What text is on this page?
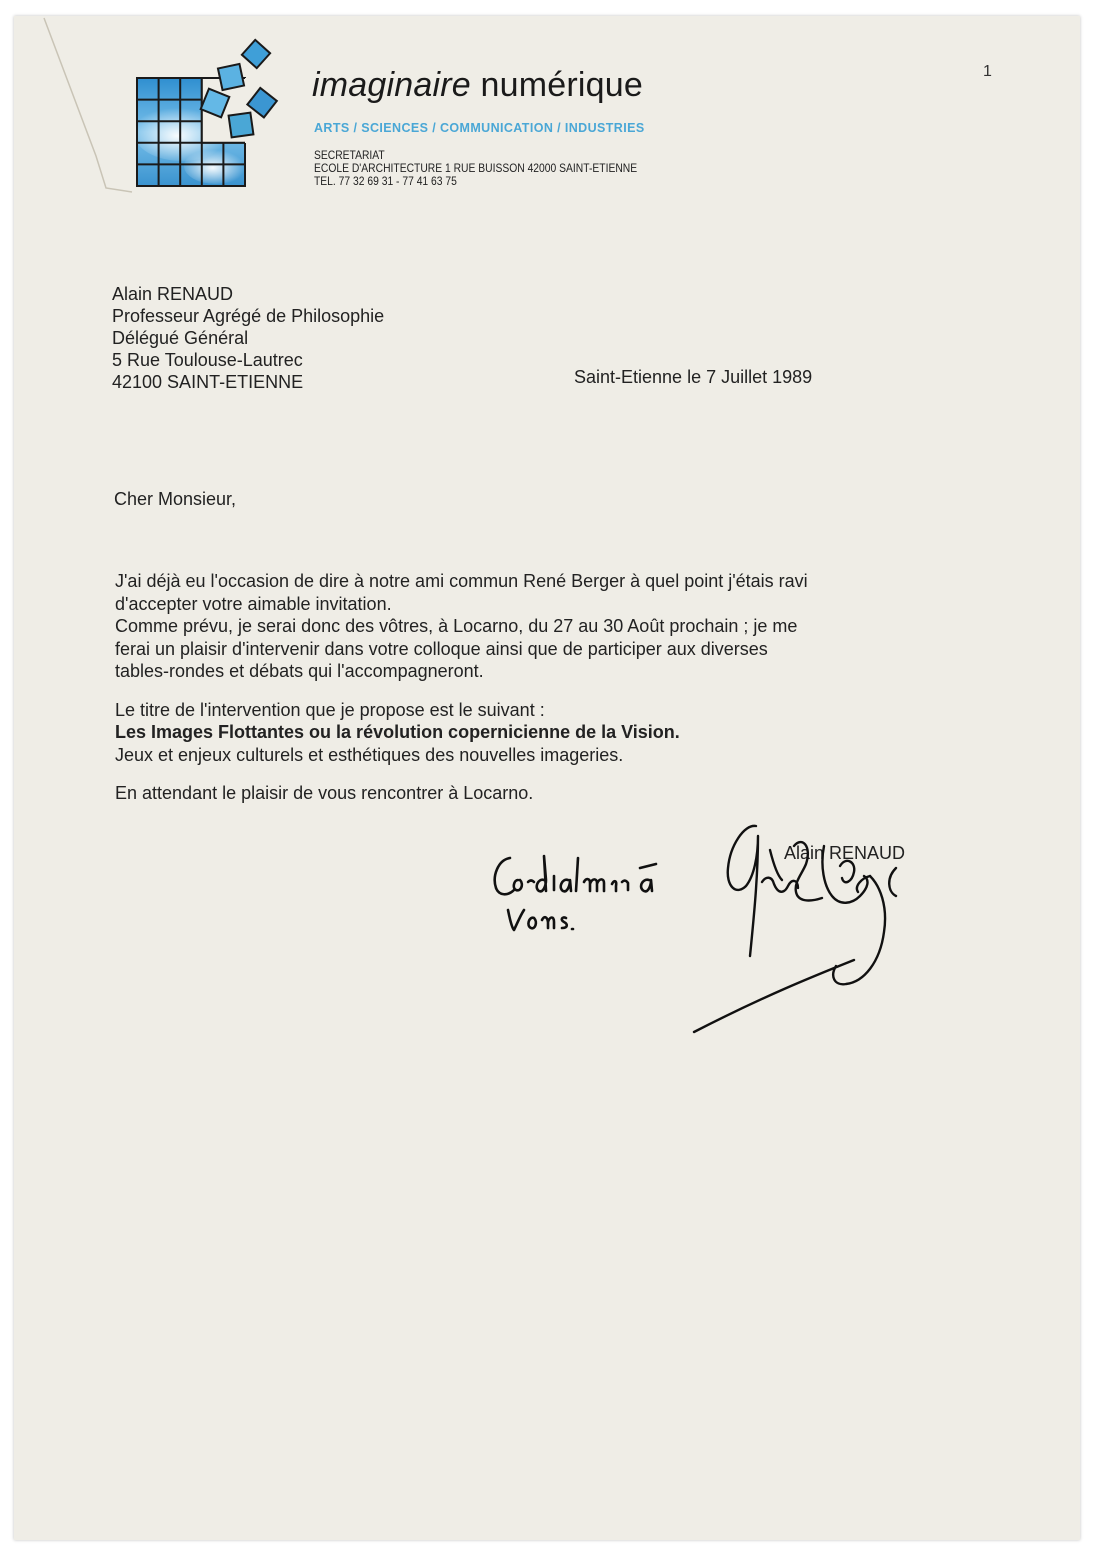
imaginaire numérique
ARTS / SCIENCES / COMMUNICATION / INDUSTRIES
SECRETARIAT
ECOLE D'ARCHITECTURE 1 RUE BUISSON 42000 SAINT-ETIENNE
TEL. 77 32 69 31 - 77 41 63 75
1
Alain RENAUD
Professeur Agrégé de Philosophie
Délégué Général
5 Rue Toulouse-Lautrec
42100 SAINT-ETIENNE	Saint-Etienne le 7 Juillet 1989
Cher Monsieur,

J'ai déjà eu l'occasion de dire à notre ami commun René Berger à quel point j'étais ravi

d'accepter votre aimable invitation.

Comme prévu, je serai donc des vôtres, à Locarno, du 27 au 30 Août prochain ; je me

ferai un plaisir d'intervenir dans votre colloque ainsi que de participer aux diverses

tables-rondes et débats qui l'accompagneront.

Le titre de l'intervention que je propose est le suivant :

Les Images Flottantes ou la révolution copernicienne de la Vision.

Jeux et enjeux culturels et esthétiques des nouvelles imageries.

En attendant le plaisir de vous rencontrer à Locarno.

Alain RENAUD
